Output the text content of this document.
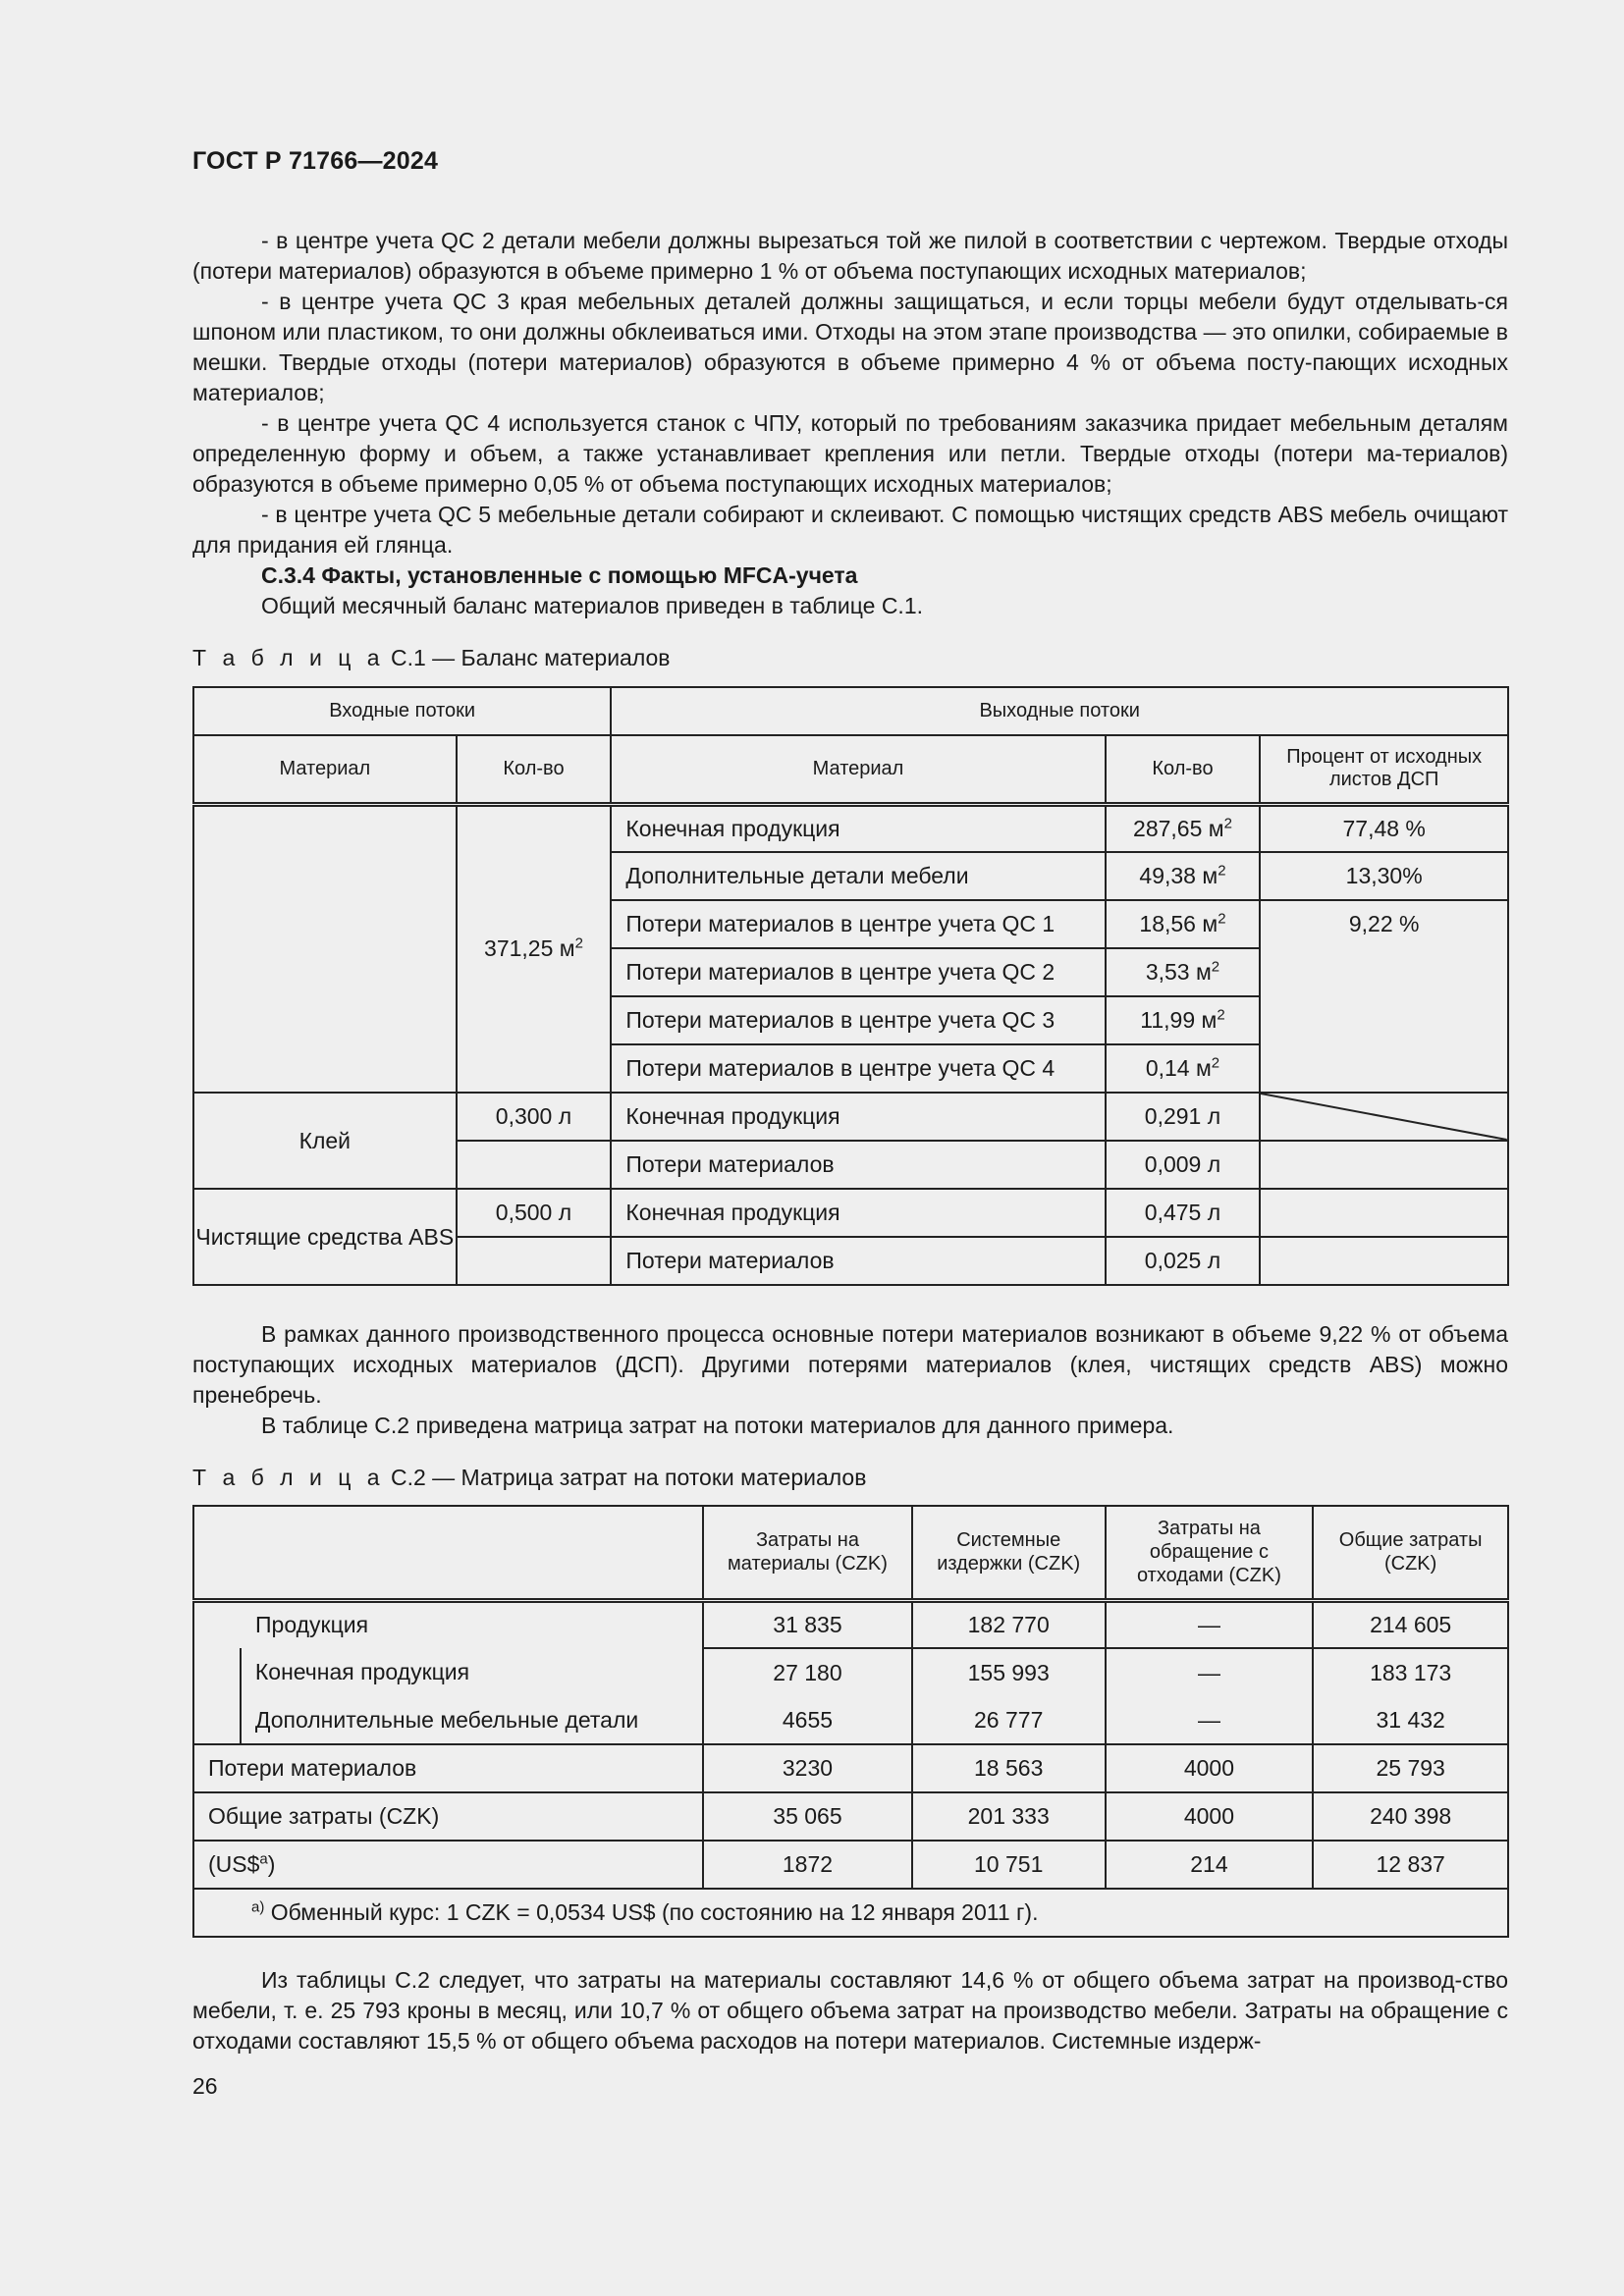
ГОСТ Р 71766—2024

- в центре учета QC 2 детали мебели должны вырезаться той же пилой в соответствии с чертежом. Твердые отходы (потери материалов) образуются в объеме примерно 1 % от объема поступающих исходных материалов;

- в центре учета QC 3 края мебельных деталей должны защищаться, и если торцы мебели будут отделывать-ся шпоном или пластиком, то они должны обклеиваться ими. Отходы на этом этапе производства — это опилки, собираемые в мешки. Твердые отходы (потери материалов) образуются в объеме примерно 4 % от объема посту-пающих исходных материалов;

- в центре учета QC 4 используется станок с ЧПУ, который по требованиям заказчика придает мебельным деталям определенную форму и объем, а также устанавливает крепления или петли. Твердые отходы (потери ма-териалов) образуются в объеме примерно 0,05 % от объема поступающих исходных материалов;

- в центре учета QC 5 мебельные детали собирают и склеивают. С помощью чистящих средств ABS мебель очищают для придания ей глянца.

С.3.4 Факты, установленные с помощью MFCA-учета

Общий месячный баланс материалов приведен в таблице С.1.

Т а б л и ц а С.1 — Баланс материалов
Входные потоки		Выходные потоки		
Материал	Кол-во	Материал	Кол-во	Процент от исходных листов ДСП
	371,25 $м^2$	Конечная продукция	287,65 $м^2$	77,48 %
		Дополнительные детали мебели	49,38 $м^2$	13,30%
		Потери материалов в центре учета QC 1	18,56 $м^2$	9,22 %
		Потери материалов в центре учета QC 2	3,53 $м^2$
		Потери материалов в центре учета QC 3	11,99 $м^2$
		Потери материалов в центре учета QC 4	0,14 $м^2$
Клей	0,300 л	Конечная продукция	0,291 л	

		Потери материалов	0,009 л	
Чистящие средства ABS	0,500 л	Конечная продукция	0,475 л	
		Потери материалов	0,025 л	

В рамках данного производственного процесса основные потери материалов возникают в объеме 9,22 % от объема поступающих исходных материалов (ДСП). Другими потерями материалов (клея, чистящих средств ABS) можно пренебречь.

В таблице С.2 приведена матрица затрат на потоки материалов для данного примера.

Т а б л и ц а С.2 — Матрица затрат на потоки материалов
		Затраты на материалы (CZK)	Системные издержки (CZK)	Затраты на обращение с отходами (CZK)	Общие затраты (CZK)
Продукция		31 835	182 770	—	214 605
	Конечная продукция	27 180	155 993	—	183 173
	Дополнительные мебельные детали	4655	26 777	—	31 432
Потери материалов		3230	18 563	4000	25 793
Общие затраты (CZK)		35 065	201 333	4000	240 398
(US\$$^a$)		1872	10 751	214	12 837
$^{а)}$ Обменный курс: 1 CZK = 0,0534 US$ (по состоянию на 12 января 2011 г).					

Из таблицы С.2 следует, что затраты на материалы составляют 14,6 % от общего объема затрат на производ-ство мебели, т. е. 25 793 кроны в месяц, или 10,7 % от общего объема затрат на производство мебели. Затраты на обращение с отходами составляют 15,5 % от общего объема расходов на потери материалов. Системные издерж-

26
